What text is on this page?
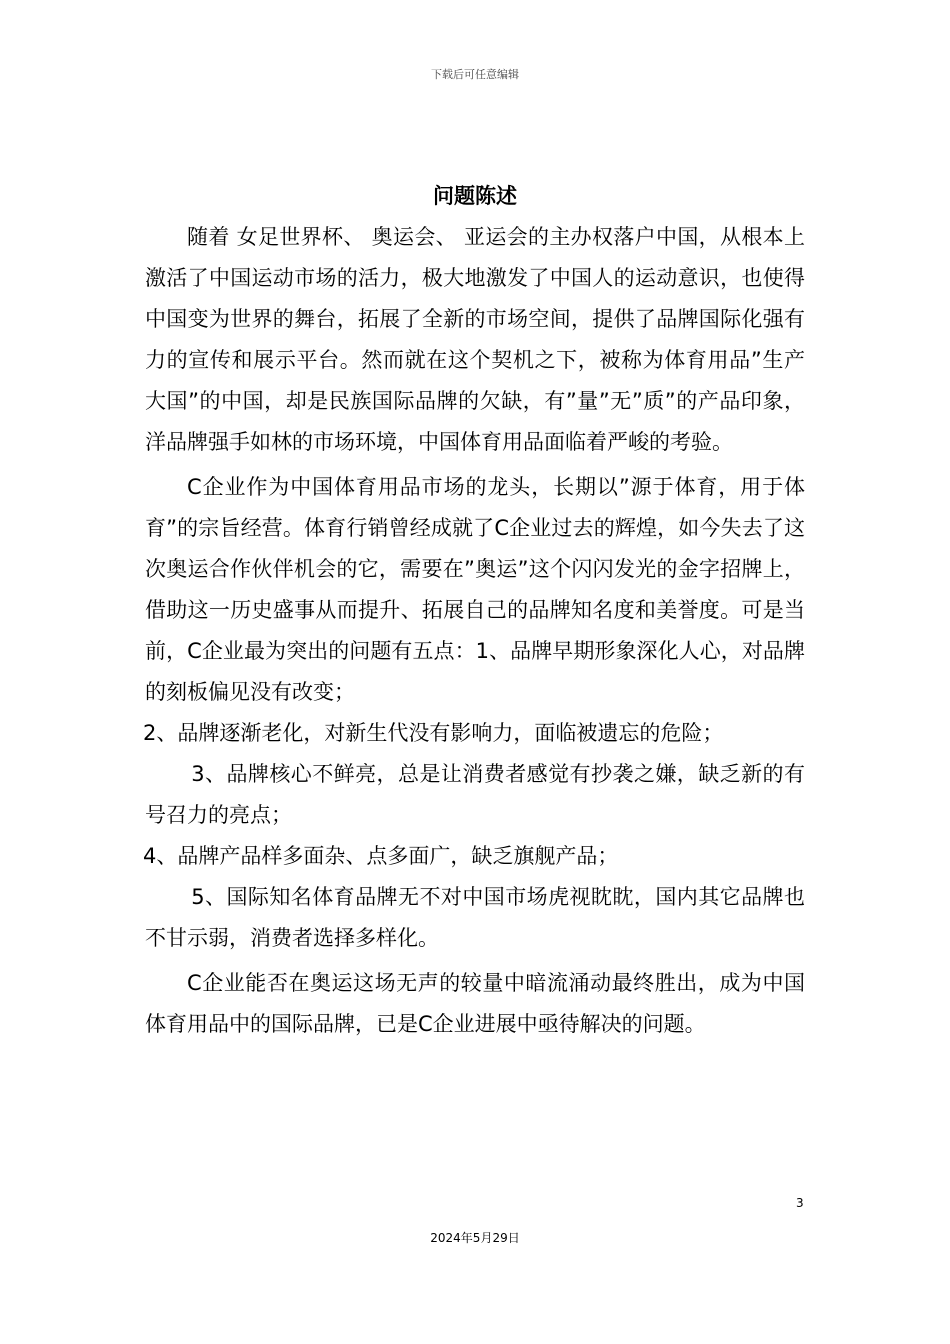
下载后可任意编辑
问题陈述

随着 女足世界杯、 奥运会、 亚运会的主办权落户中国，从根本上激活了中国运动市场的活力，极大地激发了中国人的运动意识，也使得中国变为世界的舞台，拓展了全新的市场空间，提供了品牌国际化强有力的宣传和展示平台。然而就在这个契机之下，被称为体育用品”生产大国”的中国，却是民族国际品牌的欠缺，有”量”无”质”的产品印象，洋品牌强手如林的市场环境，中国体育用品面临着严峻的考验。

C企业作为中国体育用品市场的龙头，长期以”源于体育，用于体育”的宗旨经营。体育行销曾经成就了C企业过去的辉煌，如今失去了这次奥运合作伙伴机会的它，需要在”奥运”这个闪闪发光的金字招牌上，借助这一历史盛事从而提升、拓展自己的品牌知名度和美誉度。可是当前，C企业最为突出的问题有五点：1、品牌早期形象深化人心，对品牌的刻板偏见没有改变；

2、品牌逐渐老化，对新生代没有影响力，面临被遗忘的危险；

3、品牌核心不鲜亮，总是让消费者感觉有抄袭之嫌，缺乏新的有号召力的亮点；

4、品牌产品样多面杂、点多面广，缺乏旗舰产品；

5、国际知名体育品牌无不对中国市场虎视眈眈，国内其它品牌也不甘示弱，消费者选择多样化。

C企业能否在奥运这场无声的较量中暗流涌动最终胜出，成为中国体育用品中的国际品牌，已是C企业进展中亟待解决的问题。

3
2024年5月29日
